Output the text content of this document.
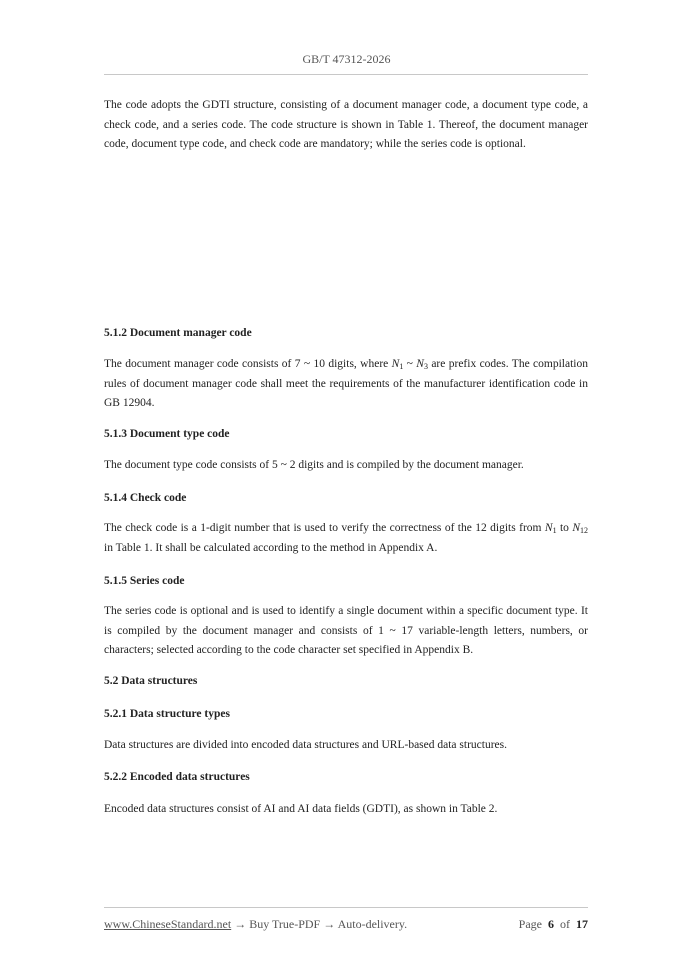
GB/T 47312-2026

The code adopts the GDTI structure, consisting of a document manager code, a document type code, a check code, and a series code. The code structure is shown in Table 1. Thereof, the document manager code, document type code, and check code are mandatory; while the series code is optional.

5.1.2 Document manager code

The document manager code consists of 7 ~ 10 digits, where $N_1$ ~ $N_3$ are prefix codes. The compilation rules of document manager code shall meet the requirements of the manufacturer identification code in GB 12904.

5.1.3 Document type code

The document type code consists of 5 ~ 2 digits and is compiled by the document manager.

5.1.4 Check code

The check code is a 1-digit number that is used to verify the correctness of the 12 digits from $N_1$ to $N_{12}$ in Table 1. It shall be calculated according to the method in Appendix A.

5.1.5 Series code

The series code is optional and is used to identify a single document within a specific document type. It is compiled by the document manager and consists of 1 ~ 17 variable-length letters, numbers, or characters; selected according to the code character set specified in Appendix B.

5.2 Data structures
5.2.1 Data structure types

Data structures are divided into encoded data structures and URL-based data structures.

5.2.2 Encoded data structures

Encoded data structures consist of AI and AI data fields (GDTI), as shown in Table 2.

www.ChineseStandard.net → Buy True-PDF → Auto-delivery.	Page 6 of 17
